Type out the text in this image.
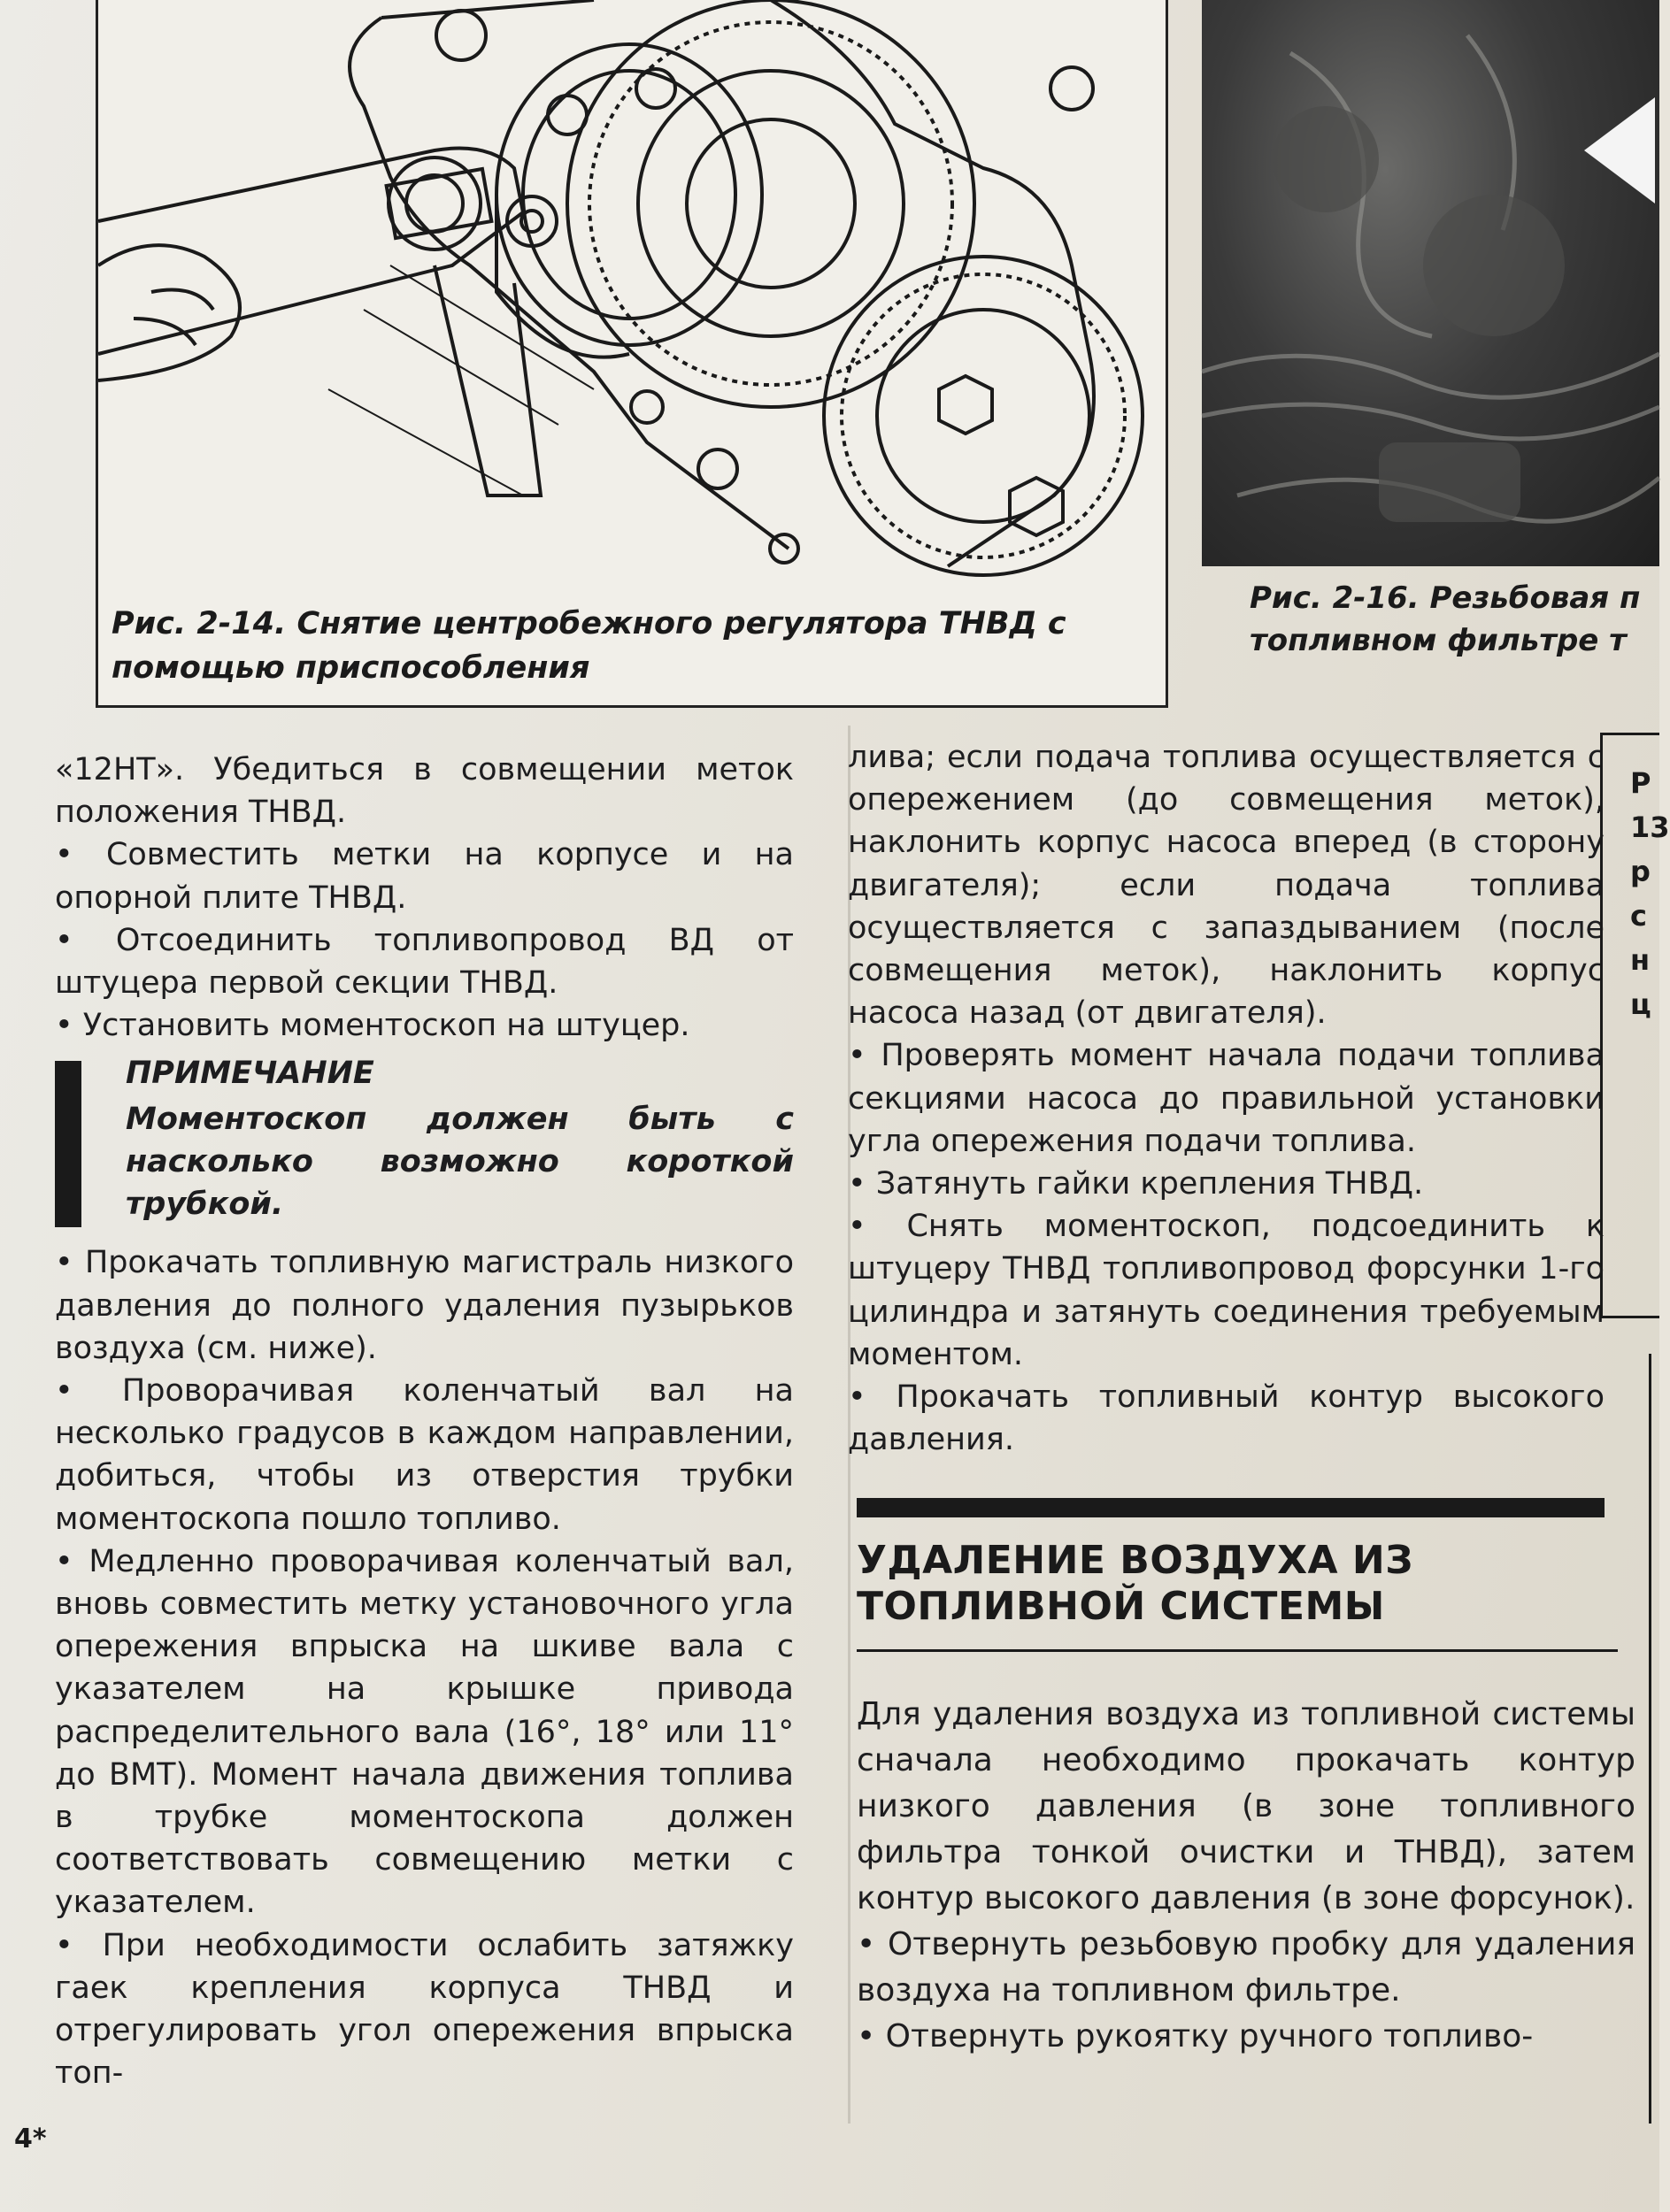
Рис. 2-14. Снятие центробежного регулятора ТНВД с помощью приспособления
Рис. 2-16. Резьбовая п
топливном фильтре т

«12НТ». Убедиться в совмещении меток положения ТНВД.

• Совместить метки на корпусе и на опорной плите ТНВД.

• Отсоединить топливопровод ВД от штуцера первой секции ТНВД.

• Установить моментоскоп на штуцер.

ПРИМЕЧАНИЕ
Моментоскоп должен быть с насколько возможно короткой трубкой.

• Прокачать топливную магистраль низкого давления до полного удаления пузырьков воздуха (см. ниже).

• Проворачивая коленчатый вал на несколько градусов в каждом направлении, добиться, чтобы из отверстия трубки моментоскопа пошло топливо.

• Медленно проворачивая коленчатый вал, вновь совместить метку установочного угла опережения впрыска на шкиве вала с указателем на крышке привода распределительного вала (16°, 18° или 11° до ВМТ). Момент начала движения топлива в трубке моментоскопа должен соответствовать совмещению метки с указателем.

• При необходимости ослабить затяжку гаек крепления корпуса ТНВД и отрегулировать угол опережения впрыска топ-

лива; если подача топлива осуществляется с опережением (до совмещения меток), наклонить корпус насоса вперед (в сторону двигателя); если подача топлива осуществляется с запаздыванием (после совмещения меток), наклонить корпус насоса назад (от двигателя).

• Проверять момент начала подачи топлива секциями насоса до правильной установки угла опережения подачи топлива.

• Затянуть гайки крепления ТНВД.

• Снять моментоскоп, подсоединить к штуцеру ТНВД топливопровод форсунки 1-го цилиндра и затянуть соединения требуемым моментом.

• Прокачать топливный контур высокого давления.

УДАЛЕНИЕ ВОЗДУХА ИЗ ТОПЛИВНОЙ СИСТЕМЫ

Для удаления воздуха из топливной системы сначала необходимо прокачать контур низкого давления (в зоне топливного фильтра тонкой очистки и ТНВД), затем контур высокого давления (в зоне форсунок).

• Отвернуть резьбовую пробку для удаления воздуха на топливном фильтре.

• Отвернуть рукоятку ручного топливо-

Р
13
р
с
н
ц
4*
